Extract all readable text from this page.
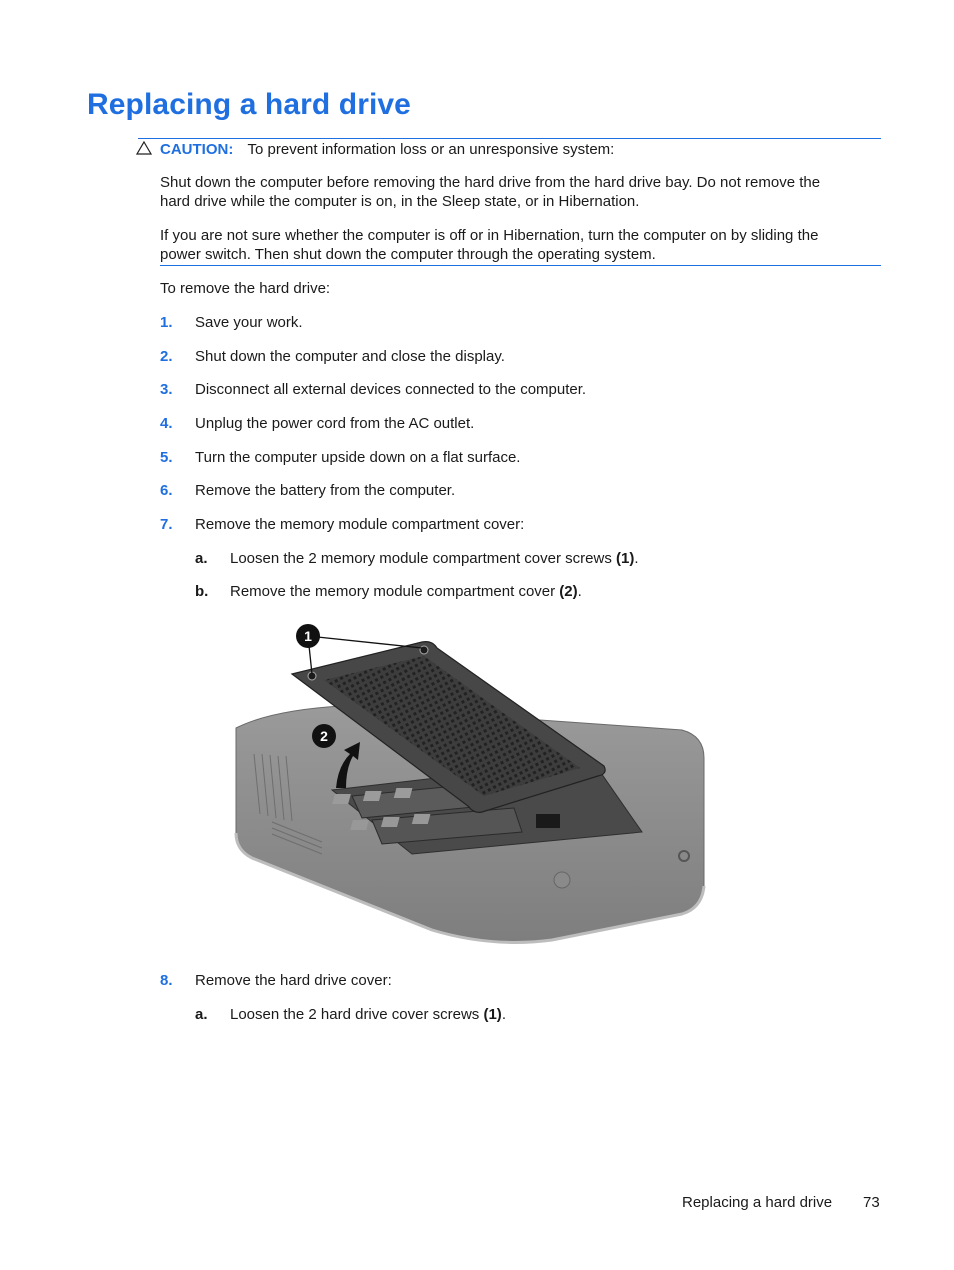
Replacing a hard drive
CAUTION: To prevent information loss or an unresponsive system:
Shut down the computer before removing the hard drive from the hard drive bay. Do not remove the
hard drive while the computer is on, in the Sleep state, or in Hibernation.
If you are not sure whether the computer is off or in Hibernation, turn the computer on by sliding the
power switch. Then shut down the computer through the operating system.
To remove the hard drive:
1. Save your work.
2. Shut down the computer and close the display.
3. Disconnect all external devices connected to the computer.
4. Unplug the power cord from the AC outlet.
5. Turn the computer upside down on a flat surface.
6. Remove the battery from the computer.
7. Remove the memory module compartment cover:
a. Loosen the 2 memory module compartment cover screws (1).
b. Remove the memory module compartment cover (2).
1
2
8. Remove the hard drive cover:
a. Loosen the 2 hard drive cover screws (1).
Replacing a hard drive 73
